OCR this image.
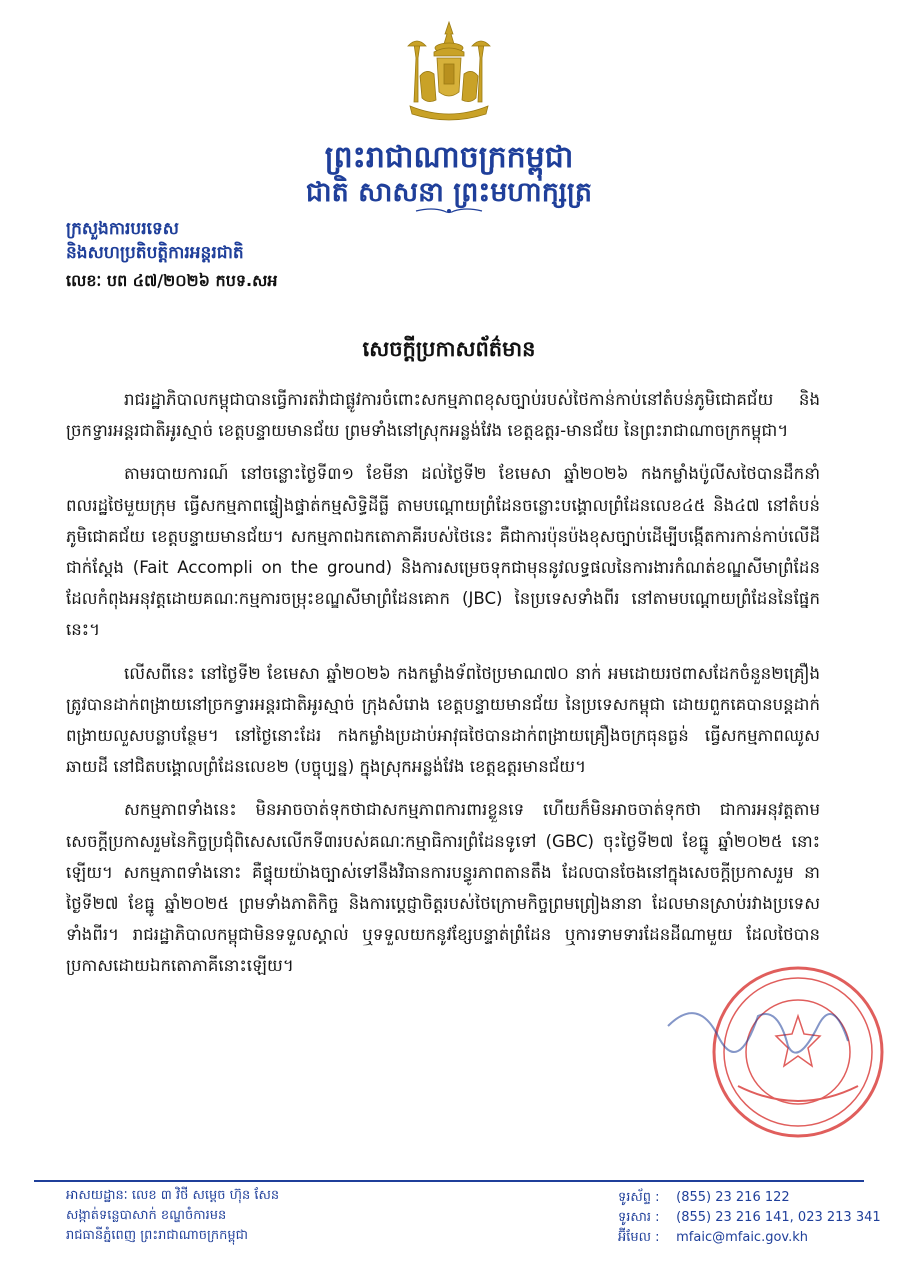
ព្រះរាជាណាចក្រកម្ពុជា
ជាតិ សាសនា ព្រះមហាក្សត្រ
ក្រសួងការបរទេស
និងសហប្រតិបត្តិការអន្តរជាតិ
លេខៈ បព ៤៧/២០២៦ កបទ.សអ
សេចក្តីប្រកាសព័ត៌មាន

រាជរដ្ឋាភិបាលកម្ពុជាបានធ្វើការតវ៉ាជាផ្លូវការចំពោះសកម្មភាពខុសច្បាប់របស់ថៃកាន់កាប់នៅតំបន់ភូមិជោគជ័យ និងច្រកទ្វារអន្តរជាតិអូរស្មាច់ ខេត្តបន្ទាយមានជ័យ ព្រមទាំងនៅស្រុកអន្លង់វែង ខេត្តឧត្តរ-មានជ័យ នៃព្រះរាជាណាចក្រកម្ពុជា។

តាមរបាយការណ៍ នៅចន្លោះថ្ងៃទី៣១ ខែមីនា ដល់ថ្ងៃទី២ ខែមេសា ឆ្នាំ២០២៦ កងកម្លាំងប៉ូលីសថៃបានដឹកនាំពលរដ្ឋថៃមួយក្រុម ធ្វើសកម្មភាពផ្ទៀងផ្ទាត់កម្មសិទ្ធិដីធ្លី តាមបណ្តោយព្រំដែនចន្លោះបង្គោលព្រំដែនលេខ៤៥ និង៤៧ នៅតំបន់ភូមិជោគជ័យ ខេត្តបន្ទាយមានជ័យ។ សកម្មភាពឯកតោភាគីរបស់ថៃនេះ គឺជាការប៉ុនប៉ងខុសច្បាប់ដើម្បីបង្កើតការកាន់កាប់លើដីជាក់ស្តែង (Fait Accompli on the ground) និងការសម្រេចទុកជាមុននូវលទ្ធផលនៃការងារកំណត់ខណ្ឌសីមាព្រំដែនដែលកំពុងអនុវត្តដោយគណៈកម្មការចម្រុះខណ្ឌសីមាព្រំដែនគោក (JBC) នៃប្រទេសទាំងពីរ នៅតាមបណ្តោយព្រំដែននៃផ្នែកនេះ។

លើសពីនេះ នៅថ្ងៃទី២ ខែមេសា ឆ្នាំ២០២៦ កងកម្លាំងទ័ពថៃប្រមាណ៧០ នាក់ អមដោយរថពាសដែកចំនួន២គ្រឿង ត្រូវបានដាក់ពង្រាយនៅច្រកទ្វារអន្តរជាតិអូរស្មាច់ ក្រុងសំរោង ខេត្តបន្ទាយមានជ័យ នៃប្រទេសកម្ពុជា ដោយពួកគេបានបន្តដាក់ពង្រាយលួសបន្លាបន្ថែម។ នៅថ្ងៃនោះដែរ កងកម្លាំងប្រដាប់អាវុធថៃបានដាក់ពង្រាយគ្រឿងចក្រធុនធ្ងន់ ធ្វើសកម្មភាពឈូសឆាយដី នៅជិតបង្គោលព្រំដែនលេខ២ (បច្ចុប្បន្ន) ក្នុងស្រុកអន្លង់វែង ខេត្តឧត្តរមានជ័យ។

សកម្មភាពទាំងនេះ មិនអាចចាត់ទុកថាជាសកម្មភាពការពារខ្លួនទេ ហើយក៏មិនអាចចាត់ទុកថា ជាការអនុវត្តតាមសេចក្តីប្រកាសរួមនៃកិច្ចប្រជុំពិសេសលើកទី៣របស់គណៈកម្មាធិការព្រំដែនទូទៅ (GBC) ចុះថ្ងៃទី២៧ ខែធ្នូ ឆ្នាំ២០២៥ នោះឡើយ។ សកម្មភាពទាំងនោះ គឺផ្ទុយយ៉ាងច្បាស់ទៅនឹងវិធានការបន្ធូរភាពតានតឹង ដែលបានចែងនៅក្នុងសេចក្តីប្រកាសរួម នាថ្ងៃទី២៧ ខែធ្នូ ឆ្នាំ២០២៥ ព្រមទាំងភាតិកិច្ច និងការប្តេជ្ញាចិត្តរបស់ថៃក្រោមកិច្ចព្រមព្រៀងនានា ដែលមានស្រាប់រវាងប្រទេសទាំងពីរ។ រាជរដ្ឋាភិបាលកម្ពុជាមិនទទួលស្គាល់ ឬទទួលយកនូវខ្សែបន្ទាត់ព្រំដែន ឬការទាមទារដែនដីណាមួយ ដែលថៃបានប្រកាសដោយឯកតោភាគីនោះឡើយ។

អាសយដ្ឋានៈ លេខ ៣ វិថី សម្តេច ហ៊ុន សែន
សង្កាត់ទន្លេបាសាក់ ខណ្ឌចំការមន
រាជធានីភ្នំពេញ ព្រះរាជាណាចក្រកម្ពុជា
ទូរស័ព្ទ : (855) 23 216 122
ទូរសារ : (855) 23 216 141, 023 213 341
អ៊ីមែល : mfaic@mfaic.gov.kh
